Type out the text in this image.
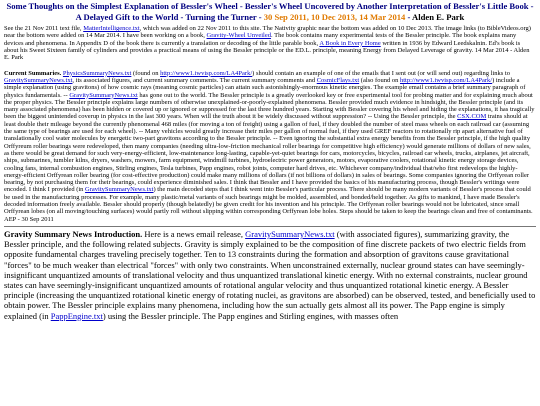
Some Thoughts on the Simplest Explanation of Bessler's Wheel - Bessler's Wheel Uncovered by Another Interpretation of Bessler's Little Book - A Delayed Gift to the World - Turning the Turner - 30 Sep 2011, 10 Dec 2013, 14 Mar 2014 - Alden E. Park
See the 21 Nov 2011 text file, MatterIntelligence.txt, which was added on 22 Nov 2011 to this site. The Nativity graphic near the bottom was added on 10 Dec 2013. The image links (to BibleVideos.org) near the bottom were added on 14 Mar 2014. I have been working on a book, Gravity-Wheel Unveiled. The book contains many experimental tests of the Bessler principle. The book explains many devices and phenomena. In Appendix D of the book there is currently a translation or decoding of the little parable book, A Book in Every Home written in 1936 by Edward Leedskalnin. Ed's book is about his Sweet Sixteen family of cylinders and provides a practical means of using the Bessler principle or the ED.L. principle, meaning Energy from Delayed Leverage of gravity. 14 Mar 2014 - Alden E. Park
Current Summaries. PhysicsSummaryNews.txt (found on http://www1.iwvisp.com/LA4Park/) should contain an example of one of the emails that I sent out (or will send out) regarding links to GravitySummaryNews.txt, its associated figures, and current summary comments. The current summary comments and CosmicFlays.txt (also found on http://www1.iwvisp.com/LA4Park/) include a simple explanation (using gravitons) of how cosmic rays (meaning cosmic particles) can attain such astonishingly-enormous kinetic energies. The example email contains a brief summary paragraph of physics fundamentals. -- GravitySummaryNews.txt has gone out to the world. The Bessler principle is a greatly overlooked key or free experimental tool for probing matter and for explaining much about the proper physics. The Bessler principle explains large numbers of otherwise unexplained-or-poorly-explained phenomena. Bessler provided much evidence in hindsight, the Bessler principle (and its many associated phenomena) has been hidden or covered up or ignored or suppressed for the last three hundred years. Starting with Bessler covering his wheel and hiding the explanations, it has tragically been the biggest unintended coverup in physics in the last 300 years. When will the truth about it be widely discussed without suppression? -- Using the Bessler principle, the CSX.COM trains should at least double their mileage beyond the currently phenomenal 468 miles (for moving a ton of freight) using a gallon of fuel, if they doubled the number of steel mass wheels on each railroad car (assuming the same type of bearings are used for each wheel). -- Many vehicles would greatly increase their miles per gallon of normal fuel, if they used GREF reactors to rotationally rip apart alternative fuel of translationally cool water molecules by energetic two-part gravitons according to the Bessler principle. -- Even ignoring the substantial extra energy benefits from the Bessler principle, if the high quality Orffyreum roller bearings were redeveloped, then many companies (needing ultra-low-friction mechanical roller bearings for competitive high efficiency) would generate millions of dollars of new sales, as there would be great demand for such very-energy-efficient, low-maintenance long-lasting, capable-yet-quiet bearings for cars, motorcycles, bicycles, railroad car wheels, trucks, airplanes, jet aircraft, ships, submarines, tumbler kilns, dryers, washers, mowers, farm equipment, windmill turbines, hydroelectric power generators, motors, evaporative coolers, rotational kinetic energy storage devices, cooling fans, internal combustion engines, Stirling engines, Tesla turbines, Papp engines, robot joints, computer hard drives, etc. Whichever company/individual that/who first redevelops the highly-energy-efficient Orffyrean roller bearing (for cost-effective production) could make many millions of dollars (if not billions of dollars) in sales of bearings. Some companies ignoring the Orffyrean roller bearing, by not purchasing them for their bearings, could experience diminished sales. I think that Bessler and I have provided the basics of his manufacturing process, though Bessler's writings were encoded. I think I provided (in GravitySummaryNews.txt) the main decoded steps that I think went into Bessler's particular process. There should be many modern variants of Bessler's process that could be used in the manufacturing processes. For example, many plastic/metal variants of such bearings might be molded, assembled, and bonded/held together. As gifts to mankind, I have made Bessler's decoded information freely available. Bessler should properly (though belatedly) be given credit for his invention and his principle. The Orffyrean roller bearings would not be lubricated, since small Orffyrean lobes (on all moving/touching surfaces) would partly roll without slipping within corresponding Orffyrean lobe holes. Steps should be taken to keep the bearings clean and free of contaminants. AEP - 30 Sep 2011
Gravity Summary News Introduction. Here is a news email release, GravitySummaryNews.txt (with associated figures), summarizing gravity, the Bessler principle, and the following related subjects. Gravity is simply explained to be the composition of fine discrete packets of two electric fields from opposite fundamental charges traveling precisely together. Ten to 13 constraints during the formation and absorption of gravitons cause gravitational "forces" to be much weaker than electrical "forces" with only two constraints. When unconstrained externally, nuclear ground states can have seemingly-insignificant unquantized amounts of translational velocity and thus unquantized translational kinetic energy. With no external constraints, nuclear ground states can have seemingly-insignificant unquantized amounts of rotational angular velocity and thus unquantized rotational kinetic energy. A Bessler principle (increasing the unquantized rotational kinetic energy of rotating nuclei, as gravitons are absorbed) can be observed, tested, and beneficially used to obtain power. The Bessler principle explains many phenomena, including how the sun actually gets almost all its power. The Papp engine is simply explained (in PappEngine.txt) using the Bessler principle. The Papp engines and Stirling engines, with masses often
